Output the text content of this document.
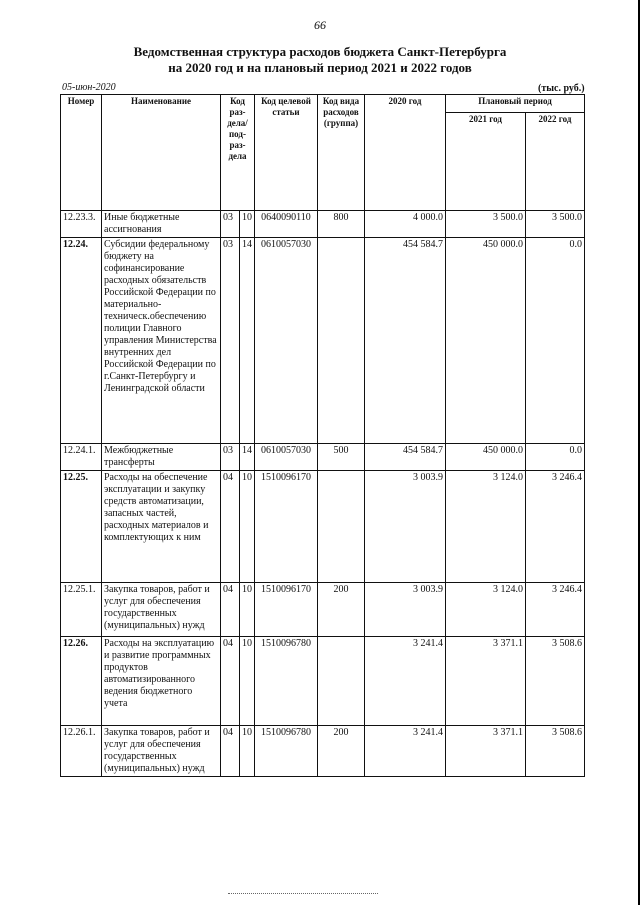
66
Ведомственная структура расходов бюджета Санкт-Петербурга
на 2020 год и на плановый период 2021 и 2022 годов
05-июн-2020	(тыс. руб.)
Номер	Наименование	Код раз-дела/ под-раз-дела		Код целевой статьи	Код вида расходов (группа)	2020 год	Плановый период	
							2021 год	2022 год
12.23.3.	Иные бюджетные ассигнования	03	10	0640090110	800	4 000.0	3 500.0	3 500.0
12.24.	Субсидии федеральному бюджету на софинансирование расходных обязательств Российской Федерации по материально-техническ.обеспечению полиции Главного управления Министерства внутренних дел Российской Федерации по г.Санкт-Петербургу и Ленинградской области	03	14	0610057030		454 584.7	450 000.0	0.0
12.24.1.	Межбюджетные трансферты	03	14	0610057030	500	454 584.7	450 000.0	0.0
12.25.	Расходы на обеспечение эксплуатации и закупку средств автоматизации, запасных частей, расходных материалов и комплектующих к ним	04	10	1510096170		3 003.9	3 124.0	3 246.4
12.25.1.	Закупка товаров, работ и услуг для обеспечения государственных (муниципальных) нужд	04	10	1510096170	200	3 003.9	3 124.0	3 246.4
12.26.	Расходы на эксплуатацию и развитие программных продуктов автоматизированного ведения бюджетного учета	04	10	1510096780		3 241.4	3 371.1	3 508.6
12.26.1.	Закупка товаров, работ и услуг для обеспечения государственных (муниципальных) нужд	04	10	1510096780	200	3 241.4	3 371.1	3 508.6
